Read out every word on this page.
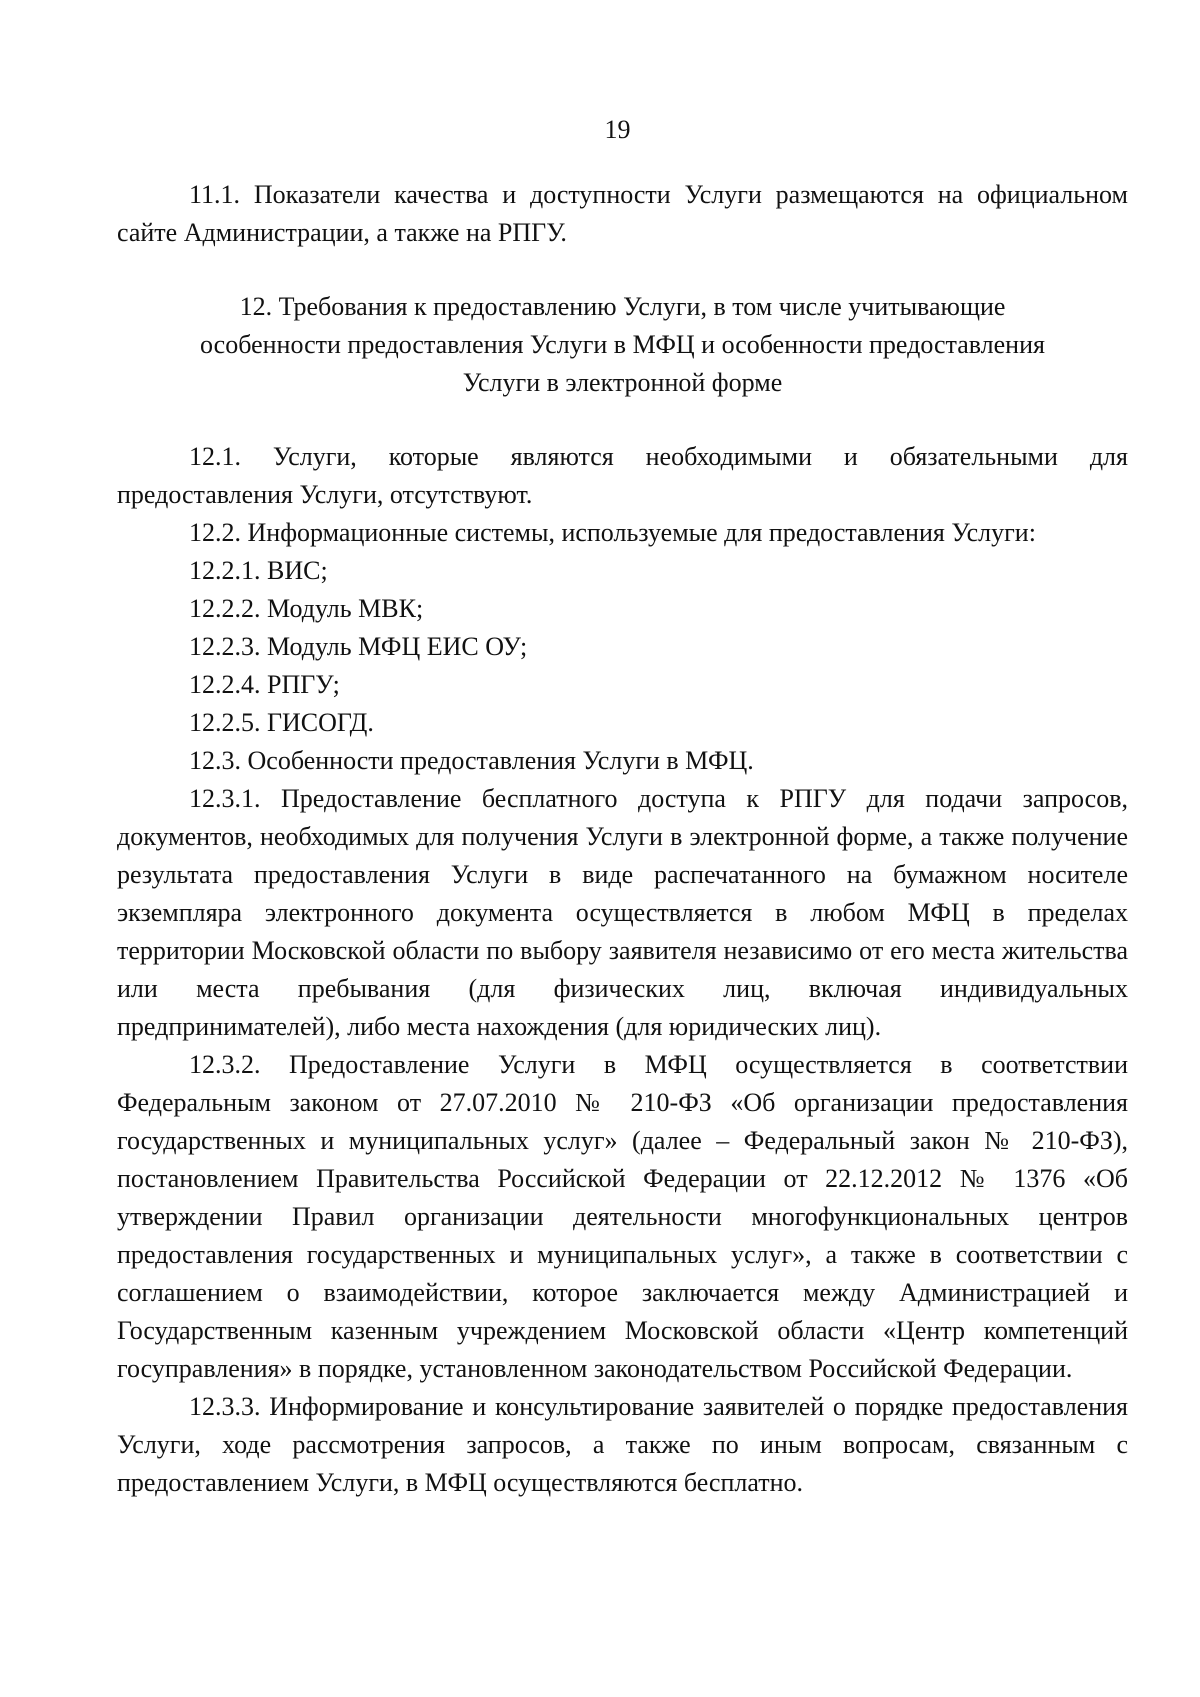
19

11.1. Показатели качества и доступности Услуги размещаются на официальном сайте Администрации, а также на РПГУ.

12. Требования к предоставлению Услуги, в том числе учитывающие
особенности предоставления Услуги в МФЦ и особенности предоставления
Услуги в электронной форме

12.1. Услуги, которые являются необходимыми и обязательными для предоставления Услуги, отсутствуют.

12.2. Информационные системы, используемые для предоставления Услуги:

12.2.1. ВИС;

12.2.2. Модуль МВК;

12.2.3. Модуль МФЦ ЕИС ОУ;

12.2.4. РПГУ;

12.2.5. ГИСОГД.

12.3. Особенности предоставления Услуги в МФЦ.

12.3.1. Предоставление бесплатного доступа к РПГУ для подачи запросов, документов, необходимых для получения Услуги в электронной форме, а также получение результата предоставления Услуги в виде распечатанного на бумажном носителе экземпляра электронного документа осуществляется в любом МФЦ в пределах территории Московской области по выбору заявителя независимо от его места жительства или места пребывания (для физических лиц, включая индивидуальных предпринимателей), либо места нахождения (для юридических лиц).

12.3.2. Предоставление Услуги в МФЦ осуществляется в соответствии Федеральным законом от 27.07.2010 № 210-ФЗ «Об организации предоставления государственных и муниципальных услуг» (далее – Федеральный закон № 210-ФЗ), постановлением Правительства Российской Федерации от 22.12.2012 № 1376 «Об утверждении Правил организации деятельности многофункциональных центров предоставления государственных и муниципальных услуг», а также в соответствии с соглашением о взаимодействии, которое заключается между Администрацией и Государственным казенным учреждением Московской области «Центр компетенций госуправления» в порядке, установленном законодательством Российской Федерации.

12.3.3. Информирование и консультирование заявителей о порядке предоставления Услуги, ходе рассмотрения запросов, а также по иным вопросам, связанным с предоставлением Услуги, в МФЦ осуществляются бесплатно.
